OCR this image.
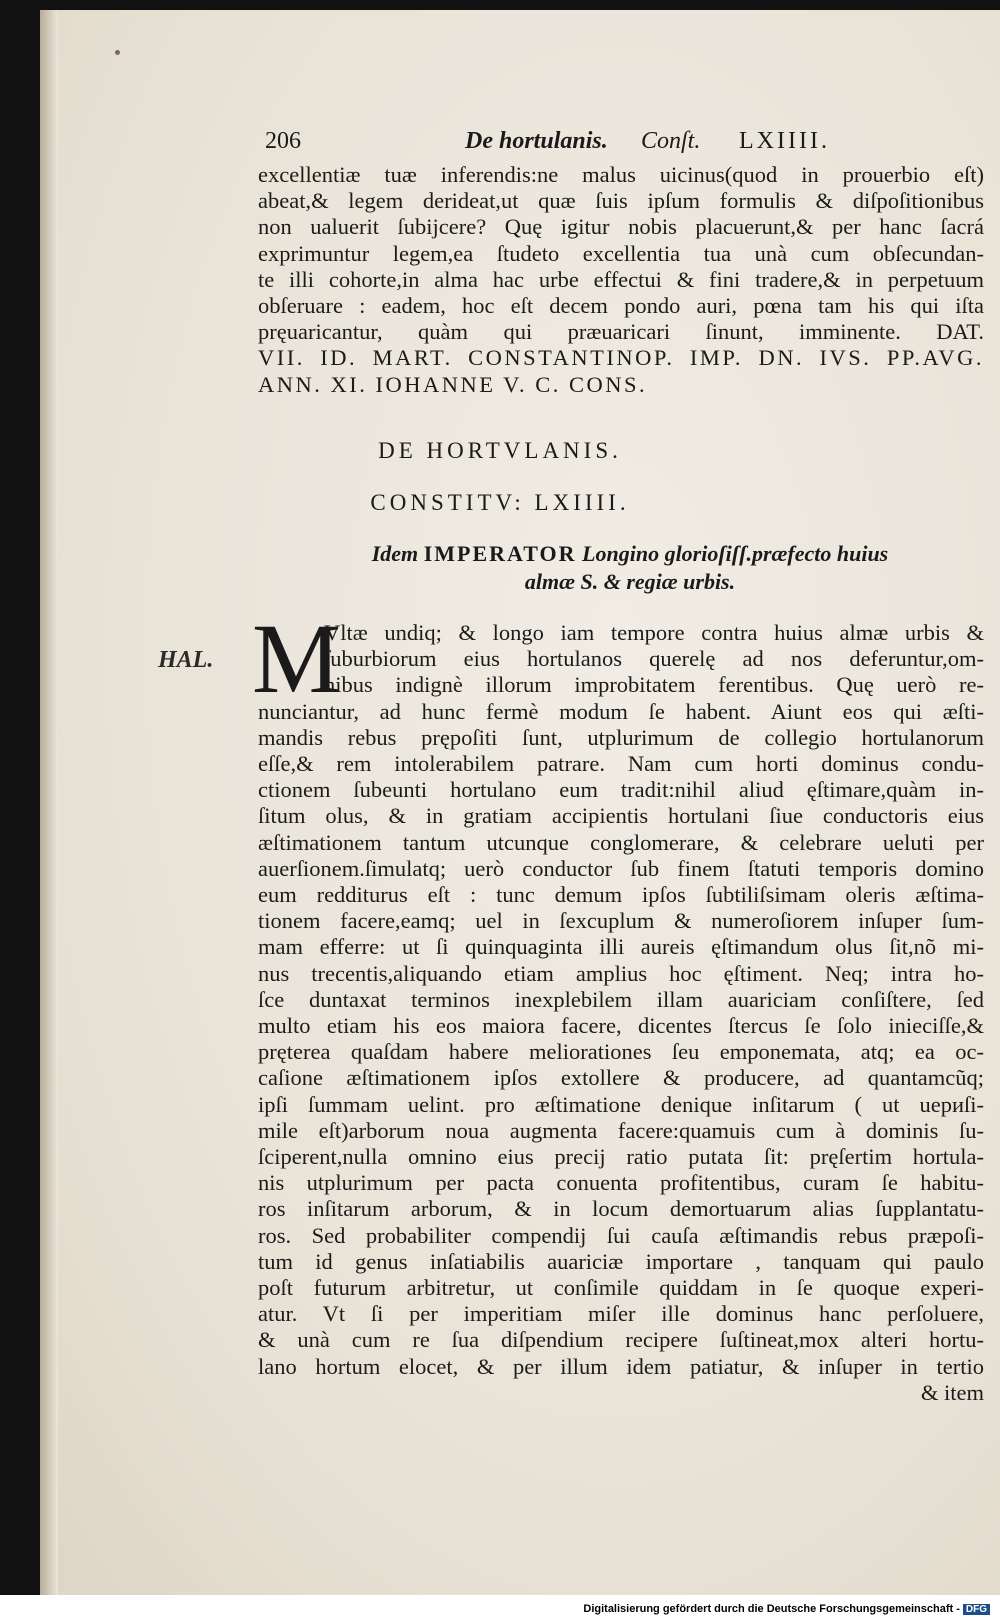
206	De hortulanis. Conſt. LXIIII.
excellentiæ tuæ inferendis:ne malus uicinus(quod in prouerbio eſt)
abeat,& legem derideat,ut quæ ſuis ipſum formulis & diſpoſitionibus
non ualuerit ſubijcere? Quę igitur nobis placuerunt,& per hanc ſacrá
exprimuntur legem,ea ſtudeto excellentia tua unà cum obſecundan-
te illi cohorte,in alma hac urbe effectui & fini tradere,& in perpetuum
obſeruare : eadem, hoc eſt decem pondo auri, pœna tam his qui iſta
pręuaricantur, quàm qui præuaricari ſinunt, imminente. DAT.
VII. ID. MART. CONSTANTINOP. IMP. DN. IVS. PP.AVG.
ANN. XI. IOHANNE V. C. CONS.
DE HORTVLANIS.
CONSTITV: LXIIII.
Idem IMPERATOR Longino glorioſiſſ.præfecto huius
almæ S. & regiæ urbis.
HAL. M
Vltæ undiq; & longo iam tempore contra huius almæ urbis &
ſuburbiorum eius hortulanos querelę ad nos deferuntur,om-
nibus indignè illorum improbitatem ferentibus. Quę uerò re-
nunciantur, ad hunc fermè modum ſe habent. Aiunt eos qui æſti-
mandis rebus prępoſiti ſunt, utplurimum de collegio hortulanorum
eſſe,& rem intolerabilem patrare. Nam cum horti dominus condu-
ctionem ſubeunti hortulano eum tradit:nihil aliud ęſtimare,quàm in-
ſitum olus, & in gratiam accipientis hortulani ſiue conductoris eius
æſtimationem tantum utcunque conglomerare, & celebrare ueluti per
auerſionem.ſimulatq; uerò conductor ſub finem ſtatuti temporis domino
eum redditurus eſt : tunc demum ipſos ſubtiliſsimam oleris æſtima-
tionem facere,eamq; uel in ſexcuplum & numeroſiorem inſuper ſum-
mam efferre: ut ſi quinquaginta illi aureis ęſtimandum olus ſit,nõ mi-
nus trecentis,aliquando etiam amplius hoc ęſtiment. Neq; intra ho-
ſce duntaxat terminos inexplebilem illam auariciam conſiſtere, ſed
multo etiam his eos maiora facere, dicentes ſtercus ſe ſolo inieciſſe,&
pręterea quaſdam habere meliorationes ſeu emponemata, atq; ea oc-
caſione æſtimationem ipſos extollere & producere, ad quantamcũq;
ipſi ſummam uelint. pro æſtimatione denique inſitarum ( ut uериſi-
mile eſt)arborum noua augmenta facere:quamuis cum à dominis ſu-
ſciperent,nulla omnino eius precij ratio putata ſit: pręſertim hortula-
nis utplurimum per pacta conuenta profitentibus, curam ſe habitu-
ros inſitarum arborum, & in locum demortuarum alias ſupplantatu-
ros. Sed probabiliter compendij ſui cauſa æſtimandis rebus præpoſi-
tum id genus inſatiabilis auariciæ importare , tanquam qui paulo
poſt futurum arbitretur, ut conſimile quiddam in ſe quoque experi-
atur. Vt ſi per imperitiam miſer ille dominus hanc perſoluere,
& unà cum re ſua diſpendium recipere ſuſtineat,mox alteri hortu-
lano hortum elocet, & per illum idem patiatur, & inſuper in tertio
& item
Digitalisierung gefördert durch die Deutsche Forschungsgemeinschaft - DFG
